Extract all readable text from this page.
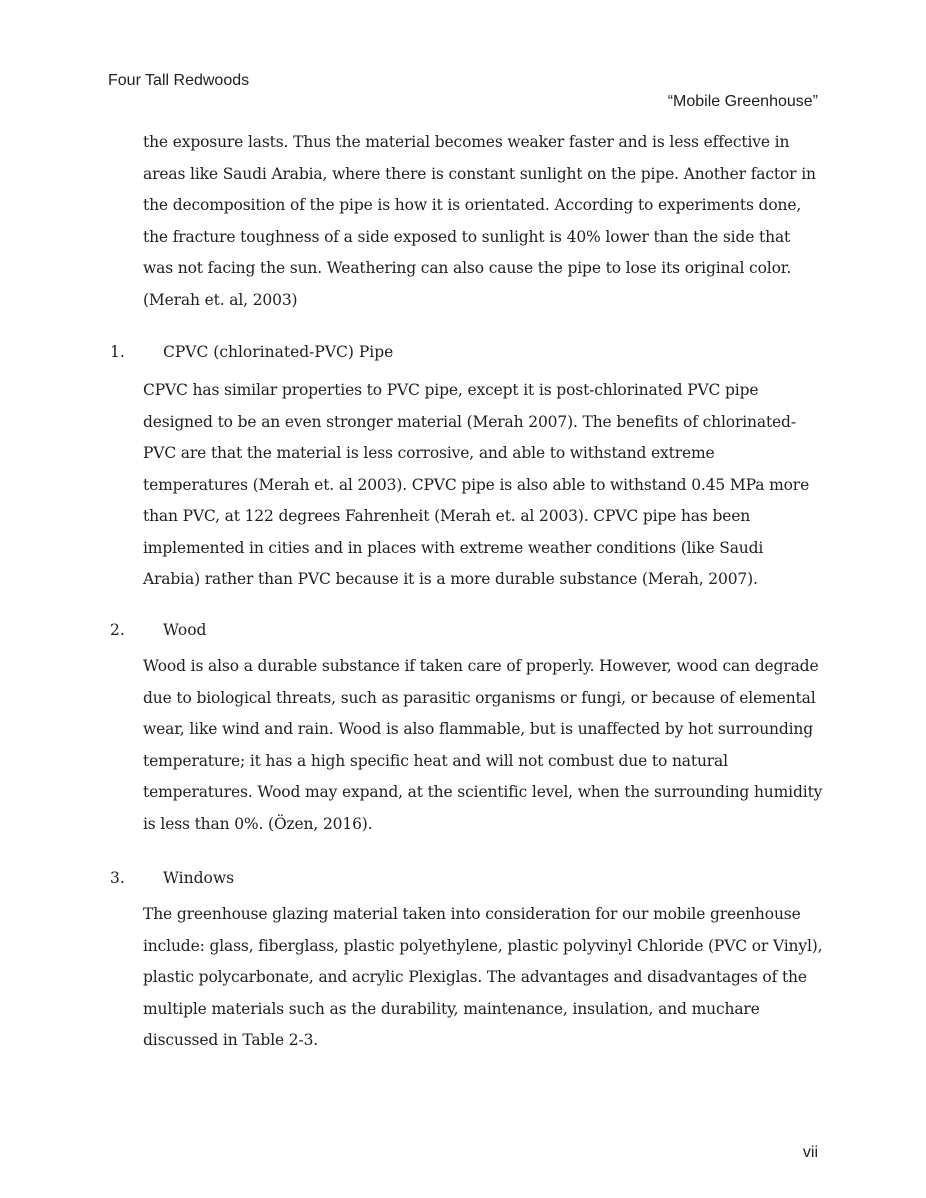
Four Tall Redwoods
“Mobile Greenhouse”

the exposure lasts. Thus the material becomes weaker faster and is less effective in areas like Saudi Arabia, where there is constant sunlight on the pipe. Another factor in the decomposition of the pipe is how it is orientated. According to experiments done, the fracture toughness of a side exposed to sunlight is 40% lower than the side that was not facing the sun. Weathering can also cause the pipe to lose its original color. (Merah et. al, 2003)

1. CPVC (chlorinated-PVC) Pipe

CPVC has similar properties to PVC pipe, except it is post-chlorinated PVC pipe designed to be an even stronger material (Merah 2007). The benefits of chlorinated-PVC are that the material is less corrosive, and able to withstand extreme temperatures (Merah et. al 2003). CPVC pipe is also able to withstand 0.45 MPa more than PVC, at 122 degrees Fahrenheit (Merah et. al 2003). CPVC pipe has been implemented in cities and in places with extreme weather conditions (like Saudi Arabia) rather than PVC because it is a more durable substance (Merah, 2007).

2. Wood

Wood is also a durable substance if taken care of properly. However, wood can degrade due to biological threats, such as parasitic organisms or fungi, or because of elemental wear, like wind and rain. Wood is also flammable, but is unaffected by hot surrounding temperature; it has a high specific heat and will not combust due to natural temperatures. Wood may expand, at the scientific level, when the surrounding humidity is less than 0%. (Özen, 2016).

3. Windows

The greenhouse glazing material taken into consideration for our mobile greenhouse include: glass, fiberglass, plastic polyethylene, plastic polyvinyl Chloride (PVC or Vinyl), plastic polycarbonate, and acrylic Plexiglas. The advantages and disadvantages of the multiple materials such as the durability, maintenance, insulation, and muchare discussed in Table 2-3.

vii
